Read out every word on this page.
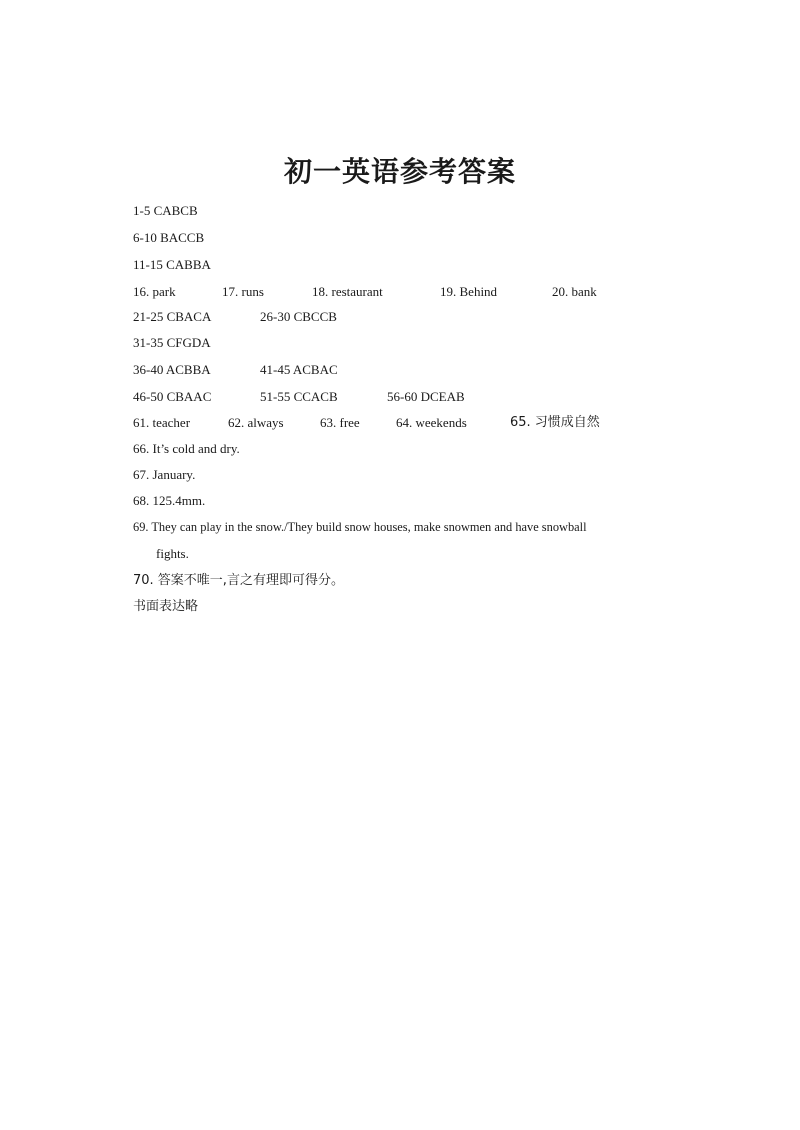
初一英语参考答案
1-5 CABCB
6-10 BACCB
11-15 CABBA
16. park	17. runs	18. restaurant	19. Behind	20. bank
21-25 CBACA	26-30 CBCCB
31-35 CFGDA
36-40 ACBBA	41-45 ACBAC
46-50 CBAAC	51-55 CCACB	56-60 DCEAB
61. teacher	62. always	63. free	64. weekends	65. 习惯成自然
66. It’s cold and dry.
67. January.
68. 125.4mm.
69. They can play in the snow./They build snow houses, make snowmen and have snowball
fights.
70. 答案不唯一,言之有理即可得分。
书面表达略
